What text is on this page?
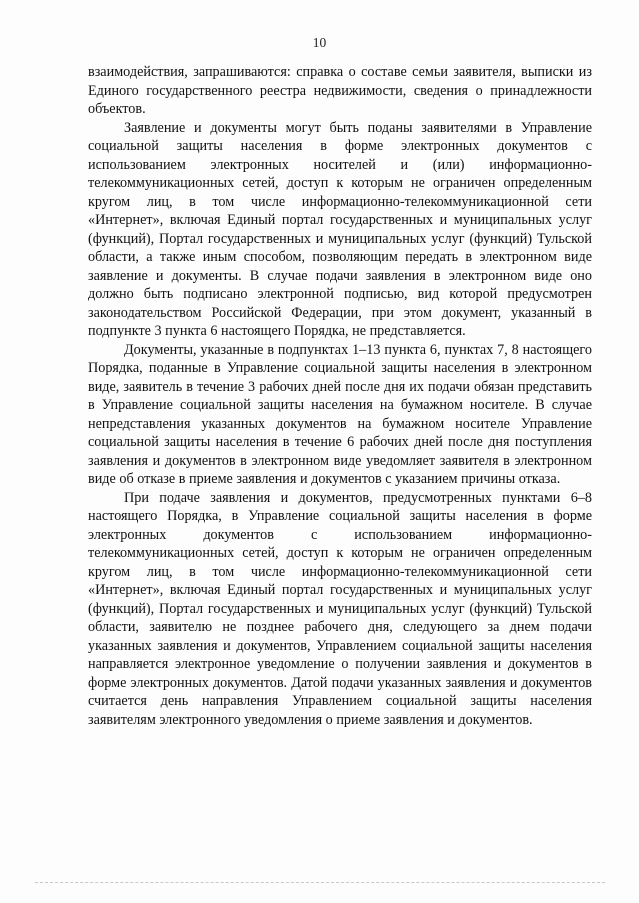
10

взаимодействия, запрашиваются: справка о составе семьи заявителя, выписки из Единого государственного реестра недвижимости, сведения о принадлежности объектов.

Заявление и документы могут быть поданы заявителями в Управление социальной защиты населения в форме электронных документов с использованием электронных носителей и (или) информационно-телекоммуникационных сетей, доступ к которым не ограничен определенным кругом лиц, в том числе информационно-телекоммуникационной сети «Интернет», включая Единый портал государственных и муниципальных услуг (функций), Портал государственных и муниципальных услуг (функций) Тульской области, а также иным способом, позволяющим передать в электронном виде заявление и документы. В случае подачи заявления в электронном виде оно должно быть подписано электронной подписью, вид которой предусмотрен законодательством Российской Федерации, при этом документ, указанный в подпункте 3 пункта 6 настоящего Порядка, не представляется.

Документы, указанные в подпунктах 1–13 пункта 6, пунктах 7, 8 настоящего Порядка, поданные в Управление социальной защиты населения в электронном виде, заявитель в течение 3 рабочих дней после дня их подачи обязан представить в Управление социальной защиты населения на бумажном носителе. В случае непредставления указанных документов на бумажном носителе Управление социальной защиты населения в течение 6 рабочих дней после дня поступления заявления и документов в электронном виде уведомляет заявителя в электронном виде об отказе в приеме заявления и документов с указанием причины отказа.

При подаче заявления и документов, предусмотренных пунктами 6–8 настоящего Порядка, в Управление социальной защиты населения в форме электронных документов с использованием информационно-телекоммуникационных сетей, доступ к которым не ограничен определенным кругом лиц, в том числе информационно-телекоммуникационной сети «Интернет», включая Единый портал государственных и муниципальных услуг (функций), Портал государственных и муниципальных услуг (функций) Тульской области, заявителю не позднее рабочего дня, следующего за днем подачи указанных заявления и документов, Управлением социальной защиты населения направляется электронное уведомление о получении заявления и документов в форме электронных документов. Датой подачи указанных заявления и документов считается день направления Управлением социальной защиты населения заявителям электронного уведомления о приеме заявления и документов.
